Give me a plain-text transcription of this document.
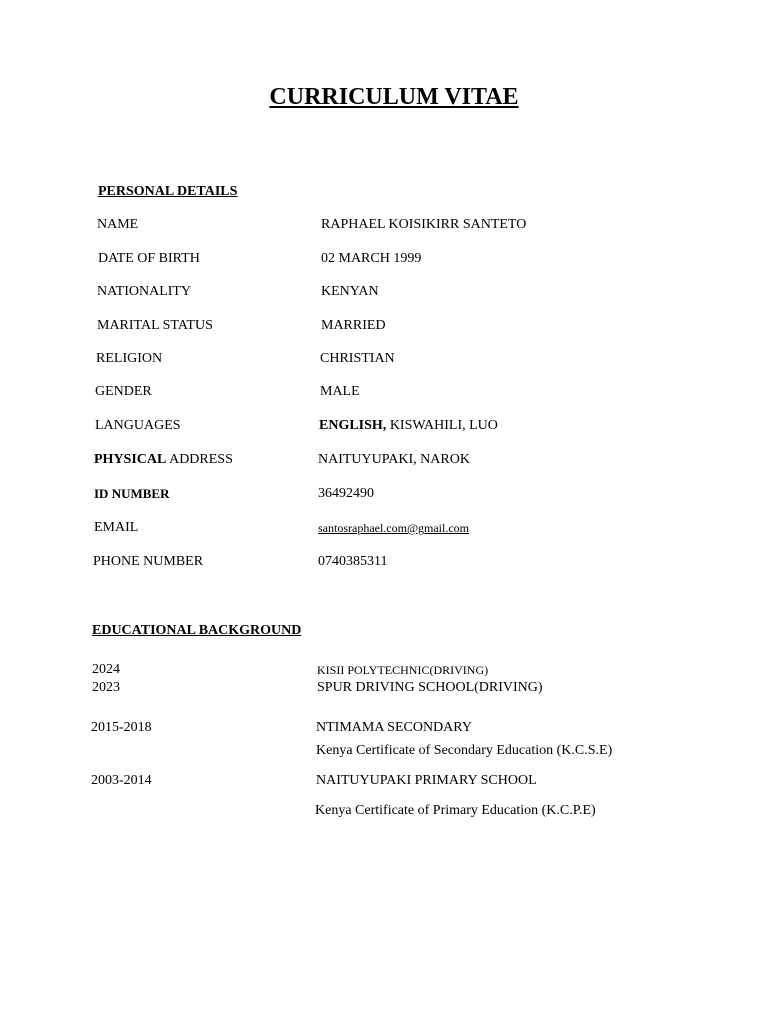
CURRICULUM VITAE
PERSONAL DETAILS
NAME	RAPHAEL KOISIKIRR SANTETO
DATE OF BIRTH	02 MARCH 1999
NATIONALITY	KENYAN
MARITAL STATUS	MARRIED
RELIGION	CHRISTIAN
GENDER	MALE
LANGUAGES	ENGLISH, KISWAHILI, LUO
PHYSICAL ADDRESS	NAITUYUPAKI, NAROK
ID NUMBER	36492490
EMAIL	santosraphael.com@gmail.com
PHONE NUMBER	0740385311
EDUCATIONAL BACKGROUND
2024	KISII POLYTECHNIC(DRIVING)
2023	SPUR DRIVING SCHOOL(DRIVING)
2015-2018	NTIMAMA SECONDARY
Kenya Certificate of Secondary Education (K.C.S.E)
2003-2014	NAITUYUPAKI PRIMARY SCHOOL
Kenya Certificate of Primary Education (K.C.P.E)
